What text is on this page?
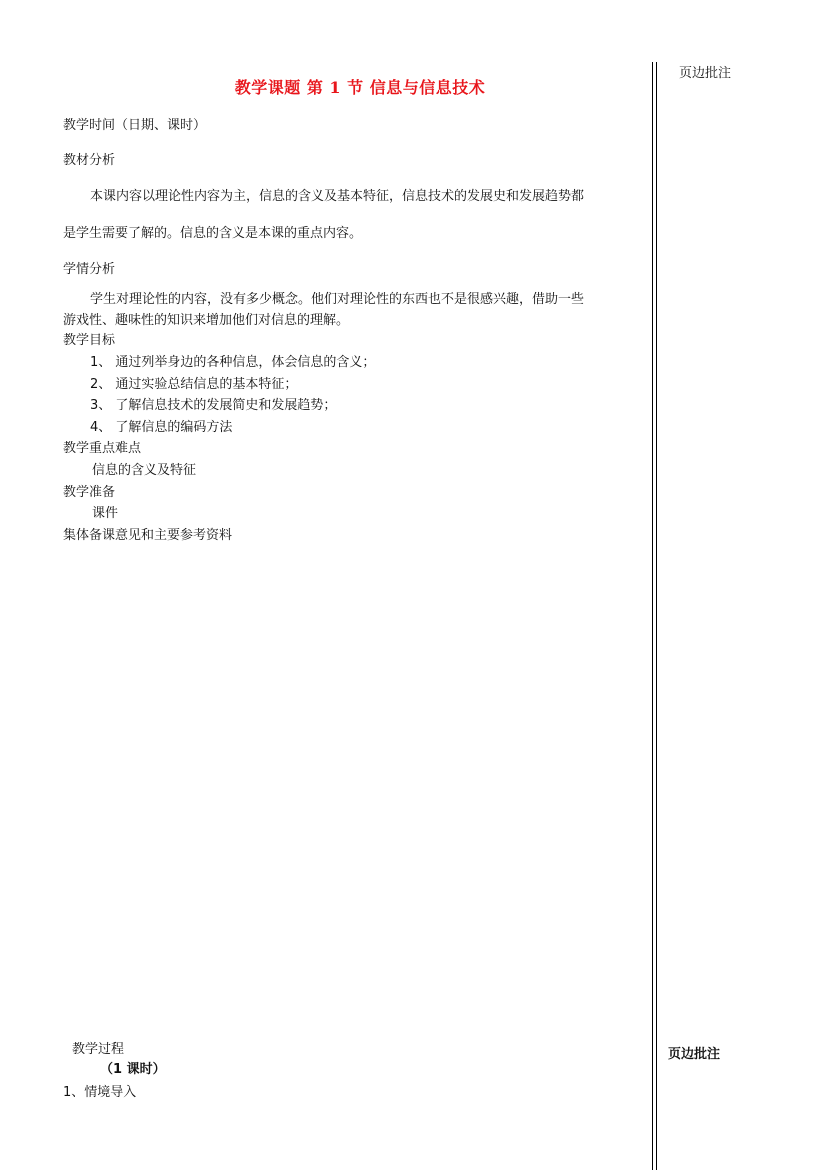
教学课题 第 1 节 信息与信息技术
教学时间（日期、课时）
教材分析
本课内容以理论性内容为主，信息的含义及基本特征，信息技术的发展史和发展趋势都
是学生需要了解的。信息的含义是本课的重点内容。
学情分析
学生对理论性的内容，没有多少概念。他们对理论性的东西也不是很感兴趣，借助一些
游戏性、趣味性的知识来增加他们对信息的理解。
教学目标
1、 通过列举身边的各种信息，体会信息的含义；
2、 通过实验总结信息的基本特征；
3、 了解信息技术的发展简史和发展趋势；
4、 了解信息的编码方法
教学重点难点
信息的含义及特征
教学准备
课件
集体备课意见和主要参考资料
教学过程
（1 课时）
1、情境导入
页边批注
页边批注
